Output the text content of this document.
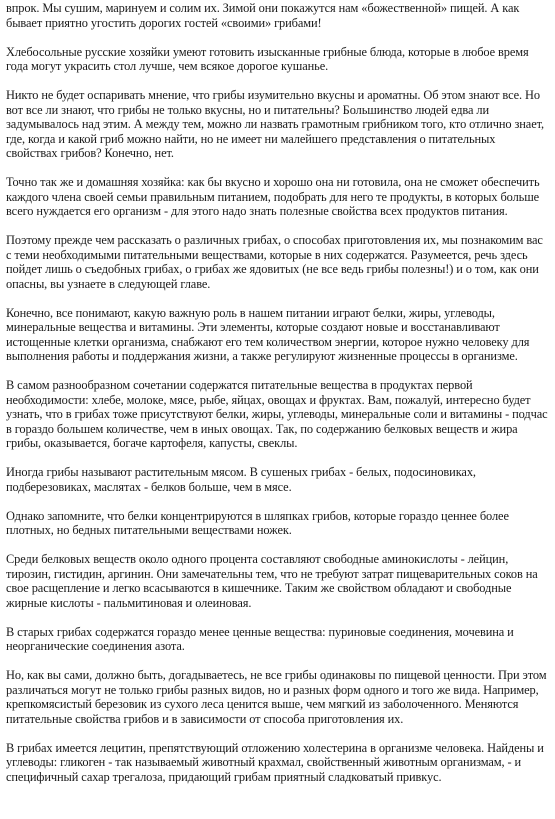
впрок. Мы сушим, маринуем и солим их. Зимой они покажутся нам «божественной» пищей. А как
бывает приятно угостить дорогих гостей «своими» грибами!

Хлебосольные русские хозяйки умеют готовить изысканные грибные блюда, которые в любое время
года могут украсить стол лучше, чем всякое дорогое кушанье.

Никто не будет оспаривать мнение, что грибы изумительно вкусны и ароматны. Об этом знают все. Но
вот все ли знают, что грибы не только вкусны, но и питательны? Большинство людей едва ли
задумывалось над этим. А между тем, можно ли назвать грамотным грибником того, кто отлично знает,
где, когда и какой гриб можно найти, но не имеет ни малейшего представления о питательных
свойствах грибов? Конечно, нет.

Точно так же и домашняя хозяйка: как бы вкусно и хорошо она ни готовила, она не сможет обеспечить
каждого члена своей семьи правильным питанием, подобрать для него те продукты, в которых больше
всего нуждается его организм - для этого надо знать полезные свойства всех продуктов питания.

Поэтому прежде чем рассказать о различных грибах, о способах приготовления их, мы познакомим вас
с теми необходимыми питательными веществами, которые в них содержатся. Разумеется, речь здесь
пойдет лишь о съедобных грибах, о грибах же ядовитых (не все ведь грибы полезны!) и о том, как они
опасны, вы узнаете в следующей главе.

Конечно, все понимают, какую важную роль в нашем питании играют белки, жиры, углеводы,
минеральные вещества и витамины. Эти элементы, которые создают новые и восстанавливают
истощенные клетки организма, снабжают его тем количеством энергии, которое нужно человеку для
выполнения работы и поддержания жизни, а также регулируют жизненные процессы в организме.

В самом разнообразном сочетании содержатся питательные вещества в продуктах первой
необходимости: хлебе, молоке, мясе, рыбе, яйцах, овощах и фруктах. Вам, пожалуй, интересно будет
узнать, что в грибах тоже присутствуют белки, жиры, углеводы, минеральные соли и витамины - подчас
в гораздо большем количестве, чем в иных овощах. Так, по содержанию белковых веществ и жира
грибы, оказывается, богаче картофеля, капусты, свеклы.

Иногда грибы называют растительным мясом. В сушеных грибах - белых, подосиновиках,
подберезовиках, маслятах - белков больше, чем в мясе.

Однако запомните, что белки концентрируются в шляпках грибов, которые гораздо ценнее более
плотных, но бедных питательными веществами ножек.

Среди белковых веществ около одного процента составляют свободные аминокислоты - лейцин,
тирозин, гистидин, аргинин. Они замечательны тем, что не требуют затрат пищеварительных соков на
свое расщепление и легко всасываются в кишечнике. Таким же свойством обладают и свободные
жирные кислоты - пальмитиновая и олеиновая.

В старых грибах содержатся гораздо менее ценные вещества: пуриновые соединения, мочевина и
неорганические соединения азота.

Но, как вы сами, должно быть, догадываетесь, не все грибы одинаковы по пищевой ценности. При этом
различаться могут не только грибы разных видов, но и разных форм одного и того же вида. Например,
крепкомясистый березовик из сухого леса ценится выше, чем мягкий из заболоченного. Меняются
питательные свойства грибов и в зависимости от способа приготовления их.

В грибах имеется лецитин, препятствующий отложению холестерина в организме человека. Найдены и
углеводы: гликоген - так называемый животный крахмал, свойственный животным организмам, - и
специфичный сахар трегалоза, придающий грибам приятный сладковатый привкус.
